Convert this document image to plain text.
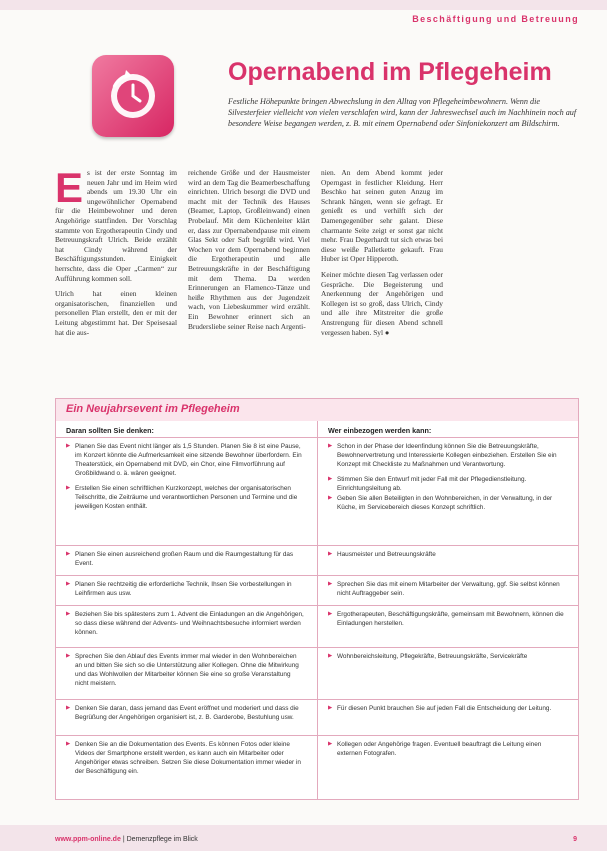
Beschäftigung und Betreuung
Opernabend im Pflegeheim
Festliche Höhepunkte bringen Abwechslung in den Alltag von Pflegeheimbewohnern. Wenn die Silvesterfeier vielleicht von vielen verschlafen wird, kann der Jahreswechsel auch im Nachhinein noch auf besondere Weise begangen werden, z. B. mit einem Opernabend oder Sinfoniekonzert am Bildschirm.

Es ist der erste Sonntag im neuen Jahr und im Heim wird abends um 19.30 Uhr ein ungewöhnlicher Opernabend für die Heimbewohner und deren Angehörige stattfinden. Der Vorschlag stammte von Ergotherapeutin Cindy und Betreuungskraft Ulrich. Beide erzählt hat Cindy während der Beschäftigungsstunden. Einigkeit herrschte, dass die Oper „Carmen“ zur Aufführung kommen soll.

Ulrich hat einen kleinen organisatorischen, finanziellen und personellen Plan erstellt, den er mit der Leitung abgestimmt hat. Der Speisesaal hat die aus-

reichende Größe und der Hausmeister wird an dem Tag die Beamerbeschaffung einrichten. Ulrich besorgt die DVD und macht mit der Technik des Hauses (Beamer, Laptop, Großleinwand) einen Probelauf. Mit dem Küchenleiter klärt er, dass zur Opernabendpause mit einem Glas Sekt oder Saft begrüßt wird. Viel Wochen vor dem Opernabend beginnen die Ergotherapeutin und alle Betreuungskräfte in der Beschäftigung mit dem Thema. Da werden Erinnerungen an Flamenco-Tänze und heiße Rhythmen aus der Jugendzeit wach, von Liebeskummer wird erzählt. Ein Bewohner erinnert sich an Brudersliebe seiner Reise nach Argenti-

nien. An dem Abend kommt jeder Operngast in festlicher Kleidung. Herr Beschko hat seinen guten Anzug im Schrank hängen, wenn sie gefragt. Er genießt es und verhilft sich der Damengegenüber sehr galant. Diese charmante Seite zeigt er sonst gar nicht mehr. Frau Degerhardt tut sich etwas bei diese weiße Palletkette gekauft. Frau Huber ist Oper Hipperoth.

Keiner möchte diesen Tag verlassen oder Gespräche. Die Begeisterung und Anerkennung der Angehörigen und Kollegen ist so groß, dass Ulrich, Cindy und alle ihre Mitstreiter die große Anstrengung für diesen Abend schnell vergessen haben. Syl ●

Ein Neujahrsevent im Pflegeheim
Daran sollten Sie denken:	Wer einbezogen werden kann:
▶ Planen Sie das Event nicht länger als 1,5 Stunden. Planen Sie 8 ist eine Pause, im Konzert könnte die Aufmerksamkeit eine sitzende Bewohner überfordern. Ein Theaterstück, ein Opernabend mit DVD, ein Chor, eine Filmvorführung auf Großbildwand o. ä. wären geeignet.
▶ Erstellen Sie einen schriftlichen Kurzkonzept, welches der organisatorischen Teilschritte, die Zeiträume und verantwortlichen Personen und Termine und die jeweiligen Kosten enthält.
▶ Schon in der Phase der Ideenfindung können Sie die Betreuungskräfte, Bewohnervertretung und Interessierte Kollegen einbeziehen. Erstellen Sie ein Konzept mit Checkliste zu Maßnahmen und Verantwortung.
▶ Stimmen Sie den Entwurf mit jeder Fall mit der Pflegedienstleitung. Einrichtungsleitung ab.
▶ Geben Sie allen Beteiligten in den Wohnbereichen, in der Verwaltung, in der Küche, im Servicebereich dieses Konzept schriftlich.
▶ Planen Sie einen ausreichend großen Raum und die Raumgestaltung für das Event.
▶ Hausmeister und Betreuungskräfte
▶ Planen Sie rechtzeitig die erforderliche Technik, Ihsen Sie vorbestellungen in Leihfirmen aus usw.
▶ Sprechen Sie das mit einem Mitarbeiter der Verwaltung, ggf. Sie selbst können nicht Auftraggeber sein.
▶ Beziehen Sie bis spätestens zum 1. Advent die Einladungen an die Angehörigen, so dass diese während der Advents- und Weihnachtsbesuche informiert werden können.
▶ Ergotherapeuten, Beschäftigungskräfte, gemeinsam mit Bewohnern, können die Einladungen herstellen.
▶ Sprechen Sie den Ablauf des Events immer mal wieder in den Wohnbereichen an und bitten Sie sich so die Unterstützung aller Kollegen. Ohne die Mitwirkung und das Wohlwollen der Mitarbeiter können Sie eine so große Veranstaltung nicht meistern.
▶ Wohnbereichsleitung, Pflegekräfte, Betreuungskräfte, Servicekräfte
▶ Denken Sie daran, dass jemand das Event eröffnet und moderiert und dass die Begrüßung der Angehörigen organisiert ist, z. B. Garderobe, Bestuhlung usw.
▶ Für diesen Punkt brauchen Sie auf jeden Fall die Entscheidung der Leitung.
▶ Denken Sie an die Dokumentation des Events. Es können Fotos oder kleine Videos der Smartphone erstellt werden, es kann auch ein Mitarbeiter oder Angehöriger etwas schreiben. Setzen Sie diese Dokumentation immer wieder in der Beschäftigung ein.
▶ Kollegen oder Angehörige fragen. Eventuell beauftragt die Leitung einen externen Fotografen.
www.ppm-online.de | Demenzpflege im Blick	9
